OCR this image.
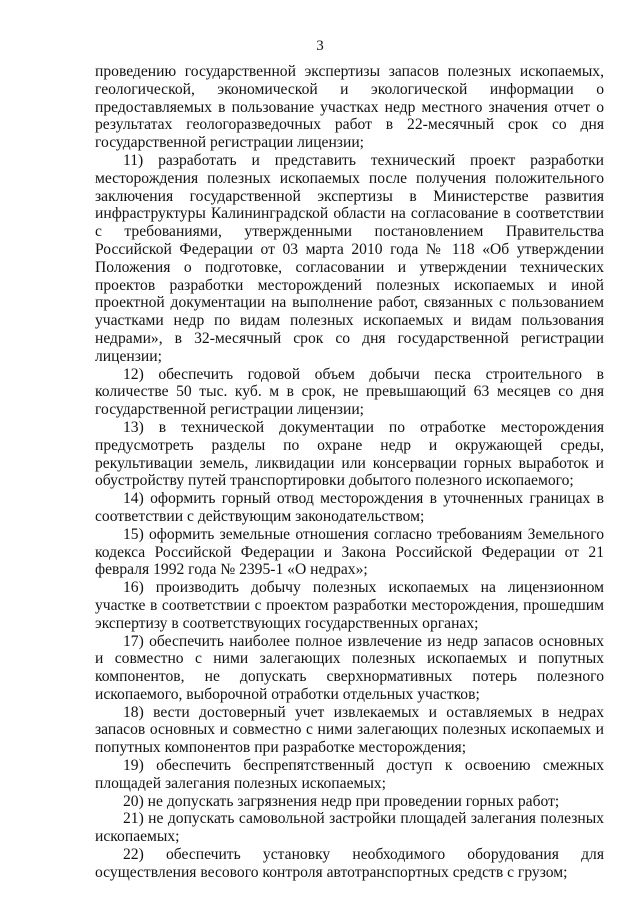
3

проведению государственной экспертизы запасов полезных ископаемых, геологической, экономической и экологической информации о предоставляемых в пользование участках недр местного значения отчет о результатах геологоразведочных работ в 22-месячный срок со дня государственной регистрации лицензии;

11) разработать и представить технический проект разработки месторождения полезных ископаемых после получения положительного заключения государственной экспертизы в Министерстве развития инфраструктуры Калининградской области на согласование в соответствии с требованиями, утвержденными постановлением Правительства Российской Федерации от 03 марта 2010 года № 118 «Об утверждении Положения о подготовке, согласовании и утверждении технических проектов разработки месторождений полезных ископаемых и иной проектной документации на выполнение работ, связанных с пользованием участками недр по видам полезных ископаемых и видам пользования недрами», в 32-месячный срок со дня государственной регистрации лицензии;

12) обеспечить годовой объем добычи песка строительного в количестве 50 тыс. куб. м в срок, не превышающий 63 месяцев со дня государственной регистрации лицензии;

13) в технической документации по отработке месторождения предусмотреть разделы по охране недр и окружающей среды, рекультивации земель, ликвидации или консервации горных выработок и обустройству путей транспортировки добытого полезного ископаемого;

14) оформить горный отвод месторождения в уточненных границах в соответствии с действующим законодательством;

15) оформить земельные отношения согласно требованиям Земельного кодекса Российской Федерации и Закона Российской Федерации от 21 февраля 1992 года № 2395-1 «О недрах»;

16) производить добычу полезных ископаемых на лицензионном участке в соответствии с проектом разработки месторождения, прошедшим экспертизу в соответствующих государственных органах;

17) обеспечить наиболее полное извлечение из недр запасов основных и совместно с ними залегающих полезных ископаемых и попутных компонентов, не допускать сверхнормативных потерь полезного ископаемого, выборочной отработки отдельных участков;

18) вести достоверный учет извлекаемых и оставляемых в недрах запасов основных и совместно с ними залегающих полезных ископаемых и попутных компонентов при разработке месторождения;

19) обеспечить беспрепятственный доступ к освоению смежных площадей залегания полезных ископаемых;

20) не допускать загрязнения недр при проведении горных работ;

21) не допускать самовольной застройки площадей залегания полезных ископаемых;

22) обеспечить установку необходимого оборудования для осуществления весового контроля автотранспортных средств с грузом;
